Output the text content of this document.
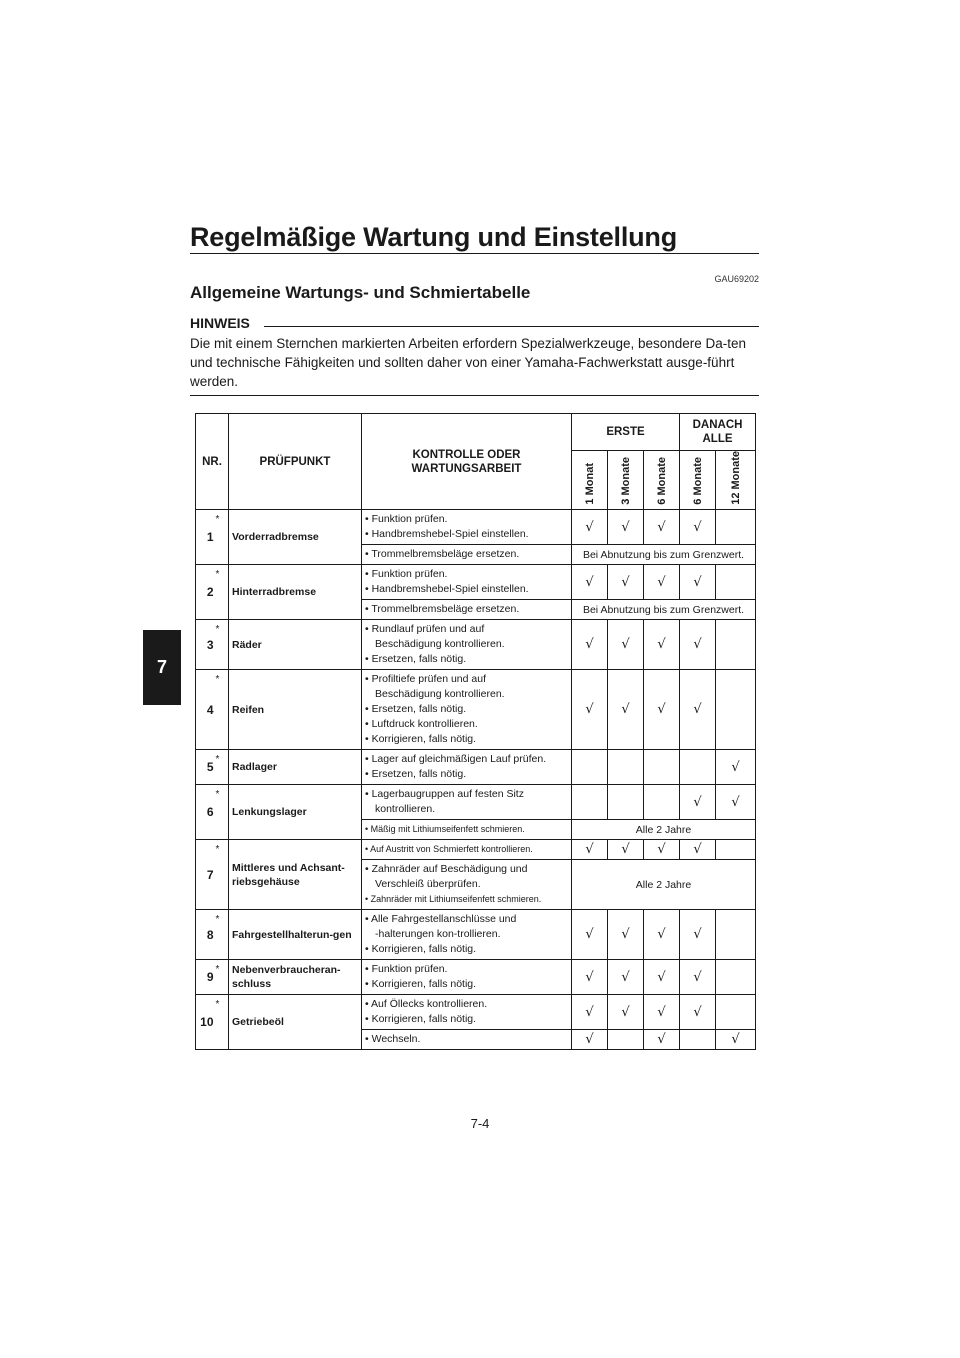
Regelmäßige Wartung und Einstellung
GAU69202
Allgemeine Wartungs- und Schmiertabelle
HINWEIS
Die mit einem Sternchen markierten Arbeiten erfordern Spezialwerkzeuge, besondere Da-ten und technische Fähigkeiten und sollten daher von einer Yamaha-Fachwerkstatt ausge-führt werden.
7
7-4
NR.		PRÜFPUNKT	KONTROLLE ODER WARTUNGSARBEIT	ERSTE			DANACH ALLE	

				1 Monat	3 Monate	6 Monate	6 Monate	12 Monate

1	*	Vorderradbremse	• Funktion prüfen.
• Handbremshebel-Spiel einstellen.	√	√	√	√	

			• Trommelbremsbeläge ersetzen.	Bei Abnutzung bis zum Grenzwert.				
2	*	Hinterradbremse	• Funktion prüfen.
• Handbremshebel-Spiel einstellen.	√	√	√	√	

			• Trommelbremsbeläge ersetzen.	Bei Abnutzung bis zum Grenzwert.				
3	*	Räder	• Rundlauf prüfen und auf
Beschädigung kontrollieren.
• Ersetzen, falls nötig.	√	√	√	√	
4	*	Reifen	• Profiltiefe prüfen und auf
Beschädigung kontrollieren.
• Ersetzen, falls nötig.
• Luftdruck kontrollieren.
• Korrigieren, falls nötig.	√	√	√	√	
5	*	Radlager	• Lager auf gleichmäßigen Lauf prüfen.
• Ersetzen, falls nötig.					√
6	*	Lenkungslager	• Lagerbaugruppen auf festen Sitz
kontrollieren.				√	√

			• Mäßig mit Lithiumseifenfett schmieren.	Alle 2 Jahre				
7	*	Mittleres und Achsant-riebsgehäuse	• Auf Austritt von Schmierfett kontrollieren.	√	√	√	√	

			• Zahnräder auf Beschädigung und
Verschleiß überprüfen.
• Zahnräder mit Lithiumseifenfett schmieren.	Alle 2 Jahre				
8	*	Fahrgestellhalterun-gen	• Alle Fahrgestellanschlüsse und
-halterungen kon-trollieren.
• Korrigieren, falls nötig.	√	√	√	√	
9	*	Nebenverbraucheran-schluss	• Funktion prüfen.
• Korrigieren, falls nötig.	√	√	√	√	
10	*	Getriebeöl	• Auf Öllecks kontrollieren.
• Korrigieren, falls nötig.	√	√	√	√	

			• Wechseln.	√		√		√
